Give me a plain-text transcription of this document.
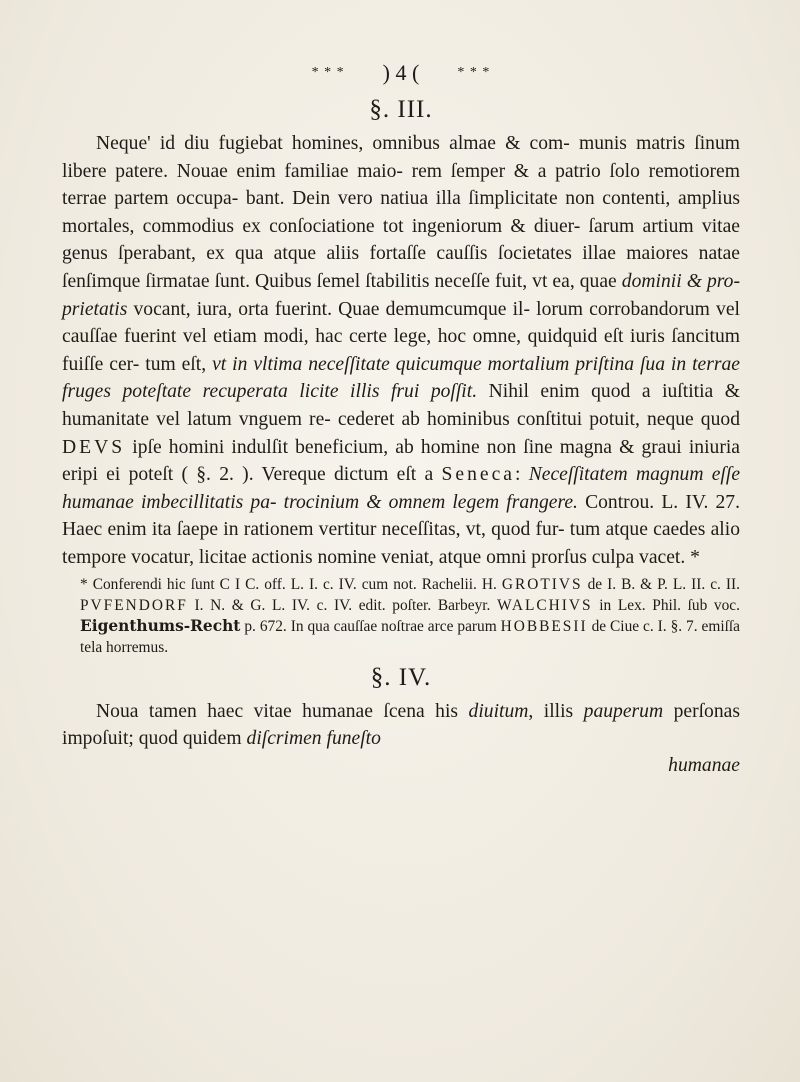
* * * ) 4 (	* * *
§. III.

Neque' id diu fugiebat homines, omnibus almae & com- munis matris ſinum libere patere. Nouae enim familiae maio- rem ſemper & a patrio ſolo remotiorem terrae partem occupa- bant. Dein vero natiua illa ſimplicitate non contenti, amplius mortales, commodius ex conſociatione tot ingeniorum & diuer- ſarum artium vitae genus ſperabant, ex qua atque aliis fortaſſe cauſſis ſocietates illae maiores natae ſenſimque ſirmatae ſunt. Quibus ſemel ſtabilitis neceſſe fuit, vt ea, quae dominii & pro- prietatis vocant, iura, orta fuerint. Quae demumcumque il- lorum corrobandorum vel cauſſae fuerint vel etiam modi, hac certe lege, hoc omne, quidquid eſt iuris ſancitum fuiſſe cer- tum eſt, vt in vltima neceſſitate quicumque mortalium priſtina ſua in terrae fruges poteſtate recuperata licite illis frui poſſit. Nihil enim quod a iuſtitia & humanitate vel latum vnguem re- cederet ab hominibus conſtitui potuit, neque quod DEVS ipſe homini indulſit beneficium, ab homine non ſine magna & graui iniuria eripi ei poteſt ( §. 2. ). Vereque dictum eſt a Seneca: Neceſſitatem magnum eſſe humanae imbecillitatis pa- trocinium & omnem legem frangere. Controu. L. IV. 27. Haec enim ita ſaepe in rationem vertitur neceſſitas, vt, quod fur- tum atque caedes alio tempore vocatur, licitae actionis nomine veniat, atque omni prorſus culpa vacet. *

* Conferendi hic ſunt C I C. off. L. I. c. IV. cum not. Rachelii. H. GROTIVS de I. B. & P. L. II. c. II. PVFENDORF I. N. & G. L. IV. c. IV. edit. poſter. Barbeyr. WALCHIVS in Lex. Phil. ſub voc. Eigenthums-Recht p. 672. In qua cauſſae noſtrae arce parum HOBBESII de Ciue c. I. §. 7. emiſſa tela horremus.

§. IV.

Noua tamen haec vitae humanae ſcena his diuitum, illis pauperum perſonas impoſuit; quod quidem diſcrimen funeſto

humanae
